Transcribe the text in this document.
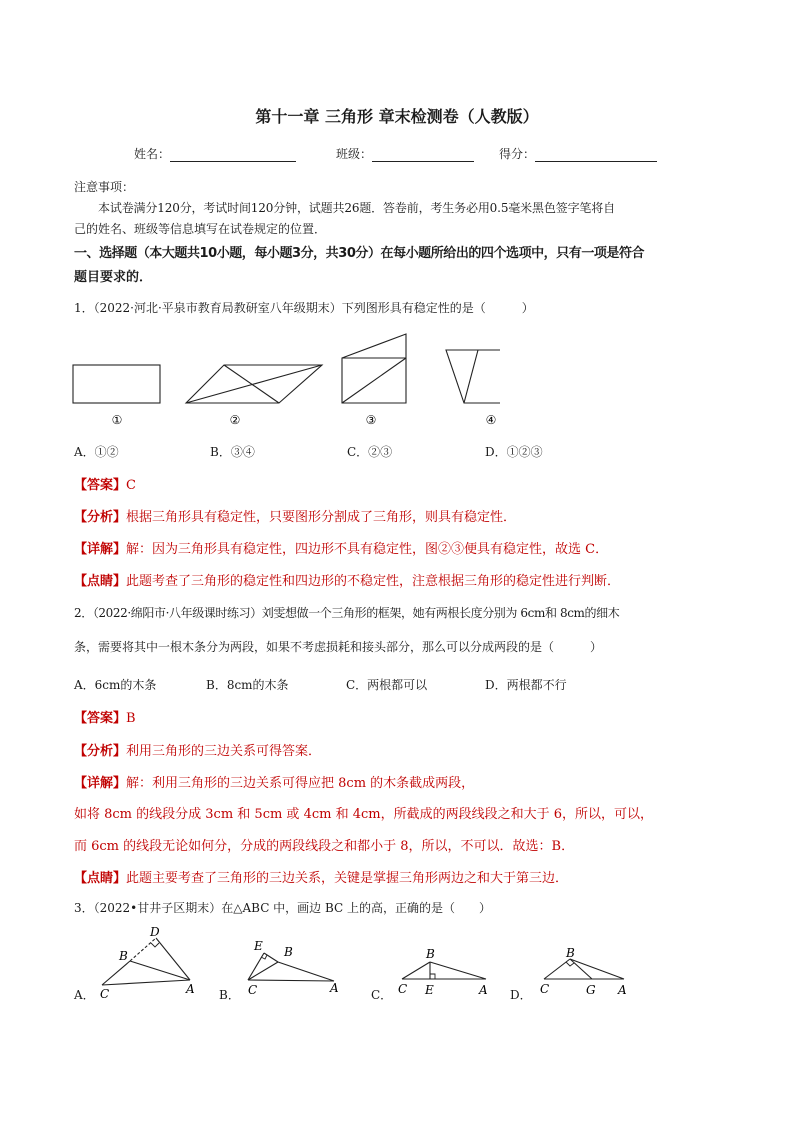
第十一章 三角形 章末检测卷（人教版）
姓名：	班级：	得分：
注意事项：
本试卷满分120分，考试时间120分钟，试题共26题．答卷前，考生务必用0.5毫米黑色签字笔将自
己的姓名、班级等信息填写在试卷规定的位置．
一、选择题（本大题共10小题，每小题3分，共30分）在每小题所给出的四个选项中，只有一项是符合
题目要求的．
1．（2022·河北·平泉市教育局教研室八年级期末）下列图形具有稳定性的是（　　　）
①	②	③	④
A．①②	B．③④	C．②③	D．①②③
【答案】C
【分析】根据三角形具有稳定性，只要图形分割成了三角形，则具有稳定性．
【详解】解：因为三角形具有稳定性，四边形不具有稳定性，图②③便具有稳定性，故选 C．
【点睛】此题考查了三角形的稳定性和四边形的不稳定性，注意根据三角形的稳定性进行判断．
2．（2022·绵阳市·八年级课时练习）刘雯想做一个三角形的框架，她有两根长度分别为 6cm和 8cm的细木
条，需要将其中一根木条分为两段，如果不考虑损耗和接头部分，那么可以分成两段的是（　　　）
A．6cm的木条	B．8cm的木条	C．两根都可以	D．两根都不行
【答案】B
【分析】利用三角形的三边关系可得答案．
【详解】解：利用三角形的三边关系可得应把 8cm 的木条截成两段，
如将 8cm 的线段分成 3cm 和 5cm 或 4cm 和 4cm，所截成的两段线段之和大于 6，所以，可以，
而 6cm 的线段无论如何分，分成的两段线段之和都小于 8，所以，不可以．故选：B．
【点睛】此题主要考查了三角形的三边关系，关键是掌握三角形两边之和大于第三边．
3．（2022•甘井子区期末）在△ABC 中，画边 BC 上的高，正确的是（　　）
A．	B．	C．	D．
D
B
C	A
E B
C	A
B
C E	A
B
C	G A
